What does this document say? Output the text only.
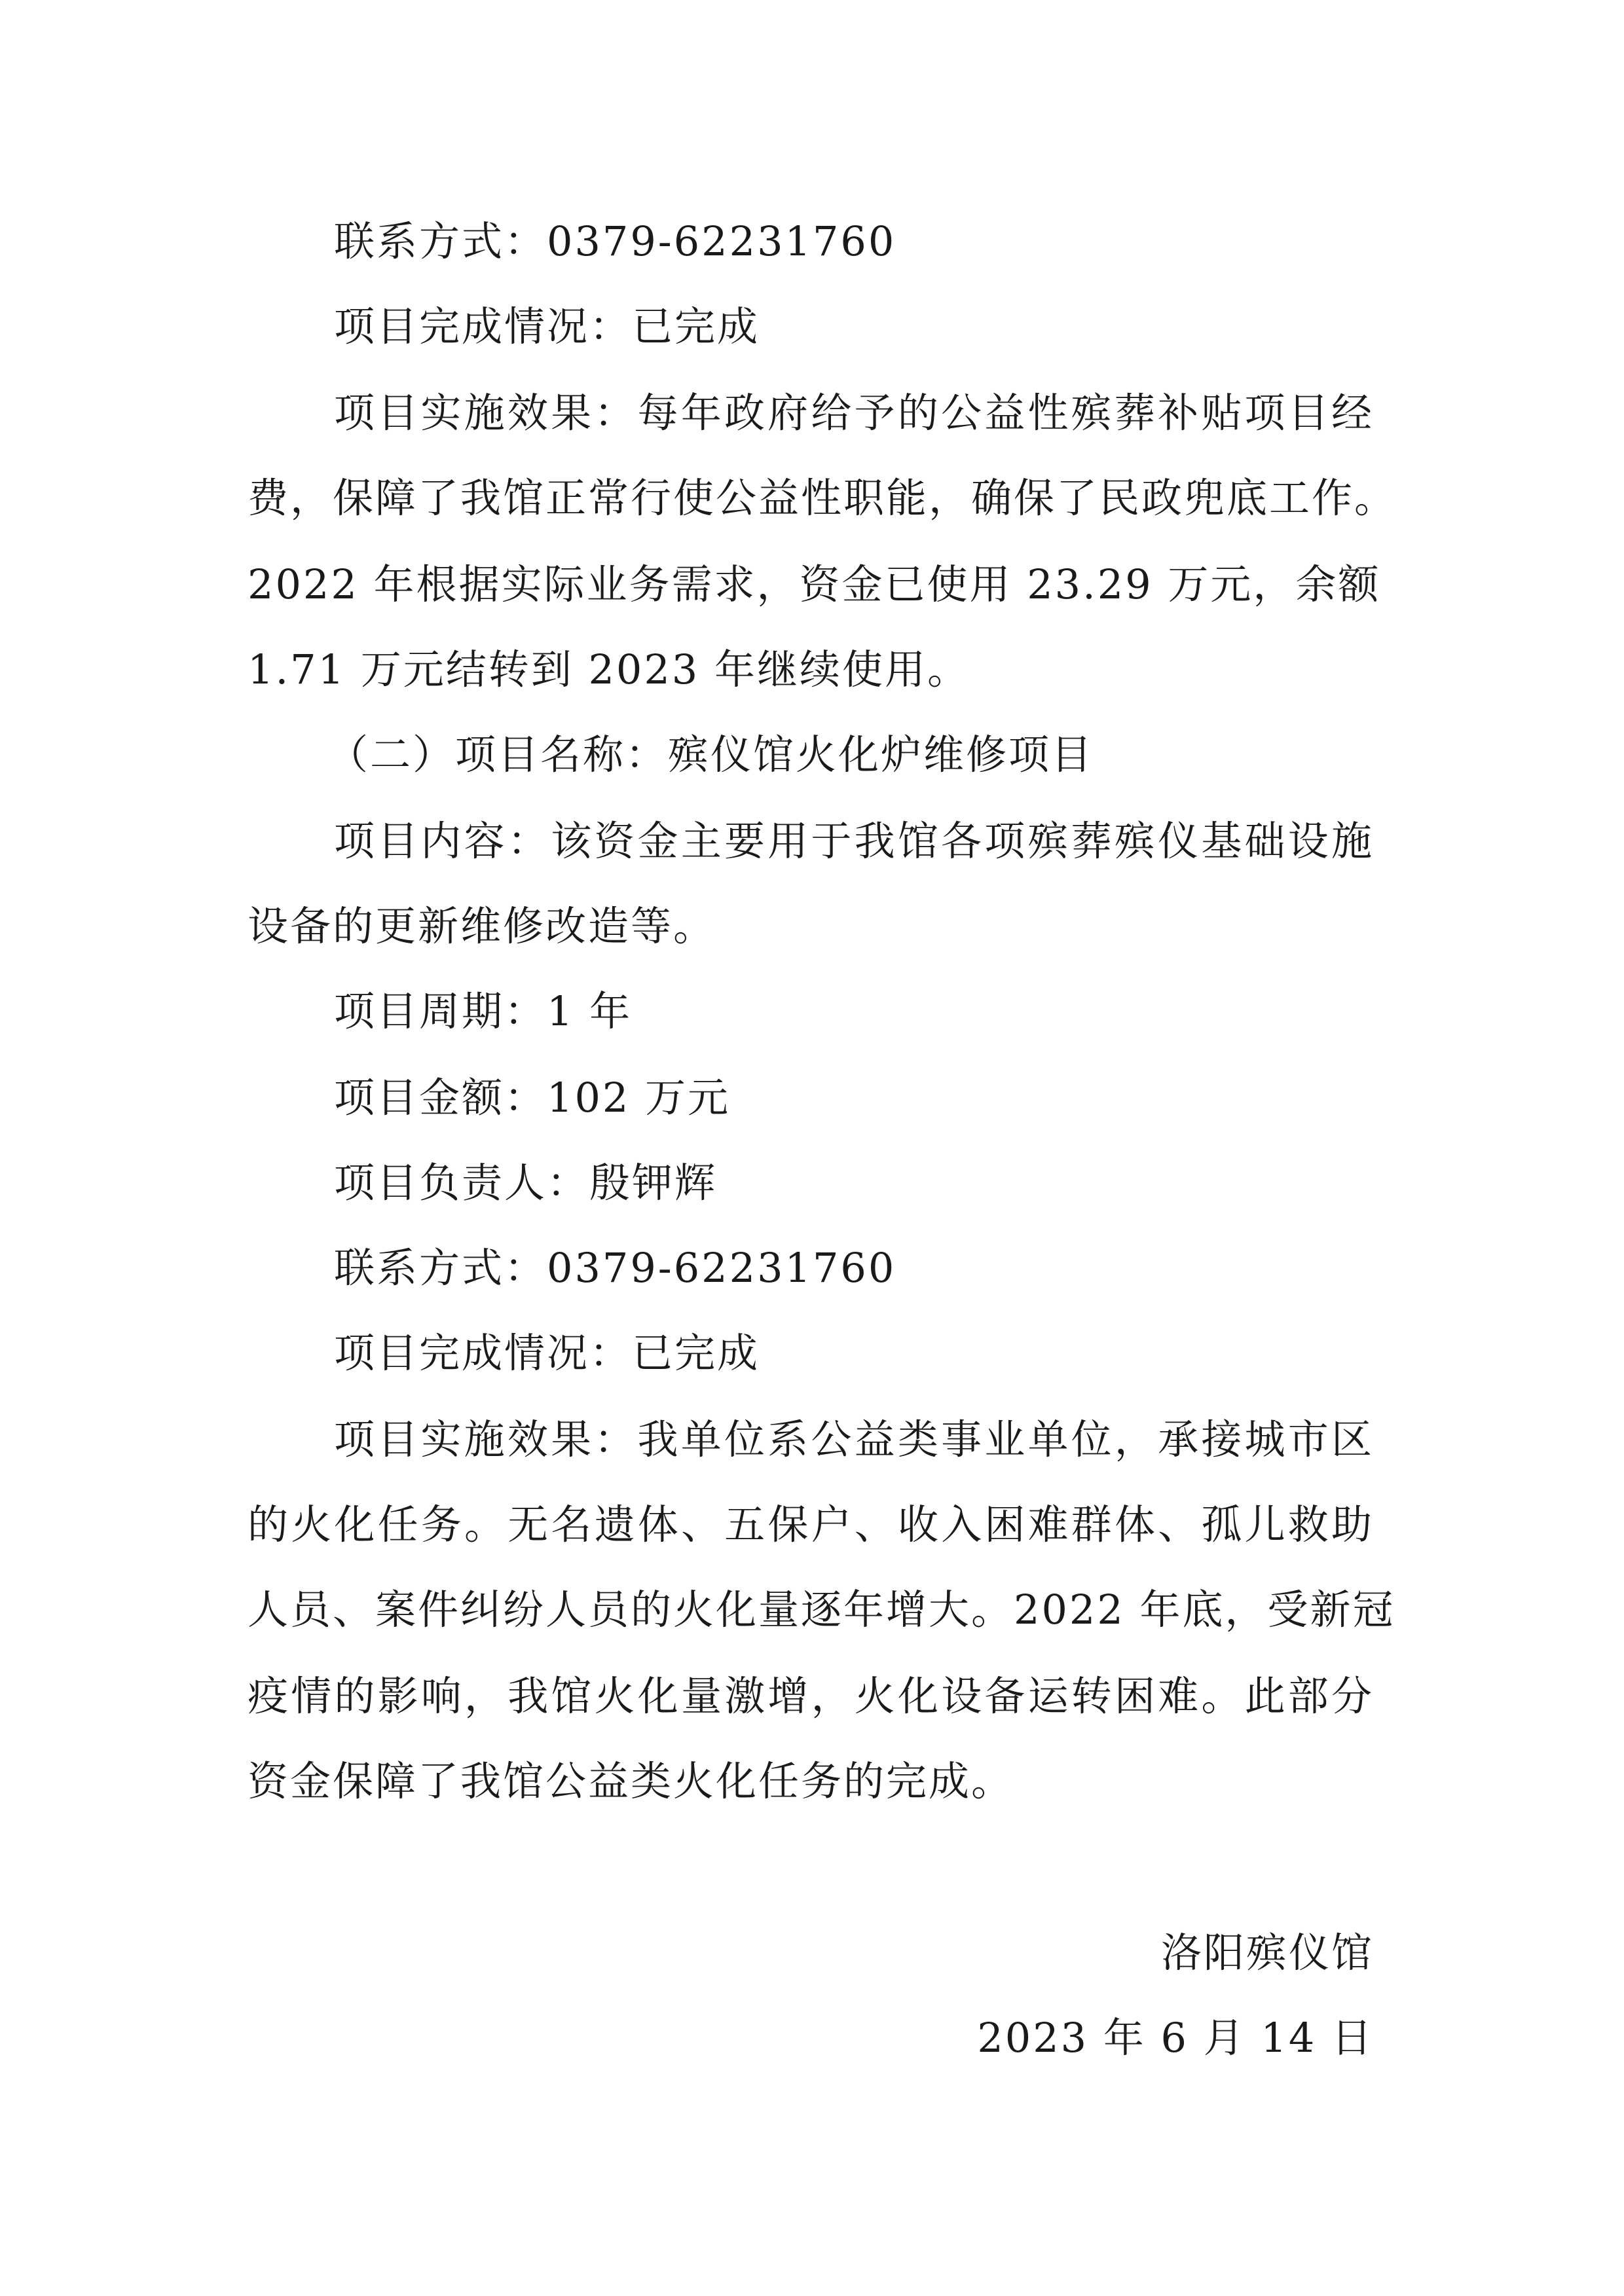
联系方式：0379-62231760
项目完成情况：已完成
项目实施效果：每年政府给予的公益性殡葬补贴项目经
费，保障了我馆正常行使公益性职能，确保了民政兜底工作。
2022 年根据实际业务需求，资金已使用 23.29 万元，余额
1.71 万元结转到 2023 年继续使用。
（二）项目名称：殡仪馆火化炉维修项目
项目内容：该资金主要用于我馆各项殡葬殡仪基础设施
设备的更新维修改造等。
项目周期：1 年
项目金额：102 万元
项目负责人：殷钾辉
联系方式：0379-62231760
项目完成情况：已完成
项目实施效果：我单位系公益类事业单位，承接城市区
的火化任务。无名遗体、五保户、收入困难群体、孤儿救助
人员、案件纠纷人员的火化量逐年增大。2022 年底，受新冠
疫情的影响，我馆火化量激增，火化设备运转困难。此部分
资金保障了我馆公益类火化任务的完成。
洛阳殡仪馆
2023 年 6 月 14 日
